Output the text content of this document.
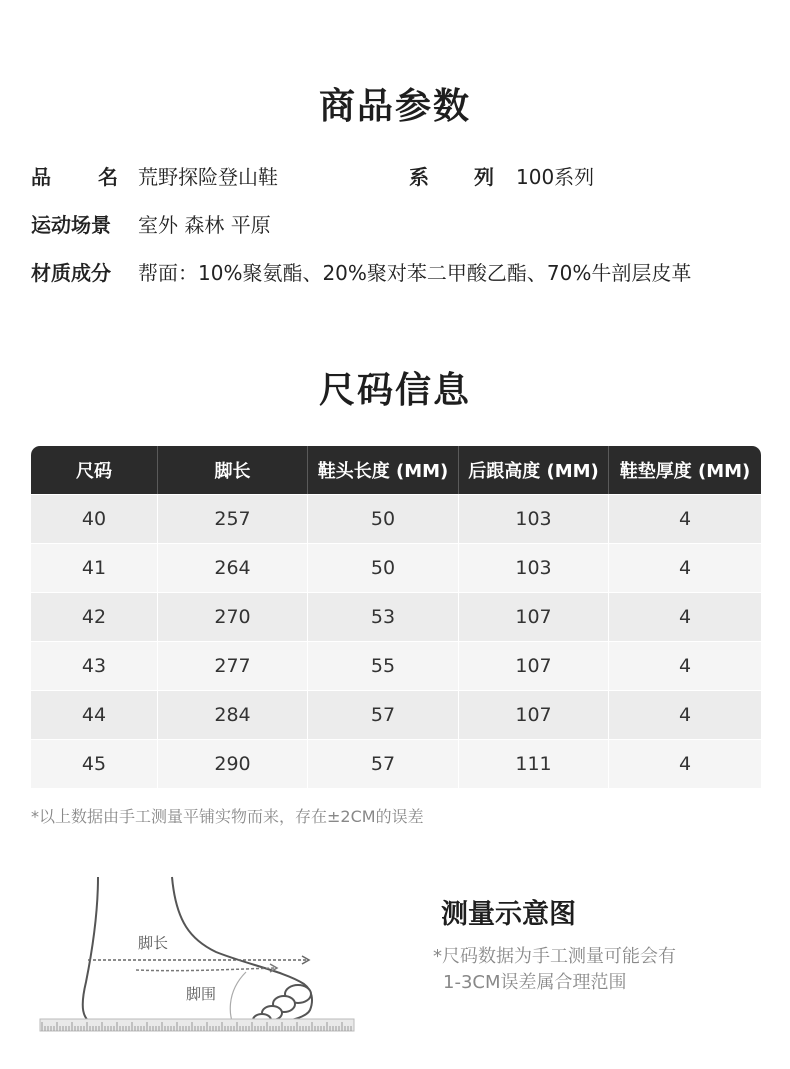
商品参数
品 名 荒野探险登山鞋	系 列 100系列
运动场景 室外 森林 平原
材质成分 帮面：10%聚氨酯、20%聚对苯二甲酸乙酯、70%牛剖层皮革
尺码信息
尺码	脚长	鞋头长度 (MM)	后跟高度 (MM)	鞋垫厚度 (MM)
40	257	50	103	4
41	264	50	103	4
42	270	53	107	4
43	277	55	107	4
44	284	57	107	4
45	290	57	111	4
*以上数据由手工测量平铺实物而来，存在±2CM的误差
脚长
脚围
测量示意图
*尺码数据为手工测量可能会有
1-3CM误差属合理范围
